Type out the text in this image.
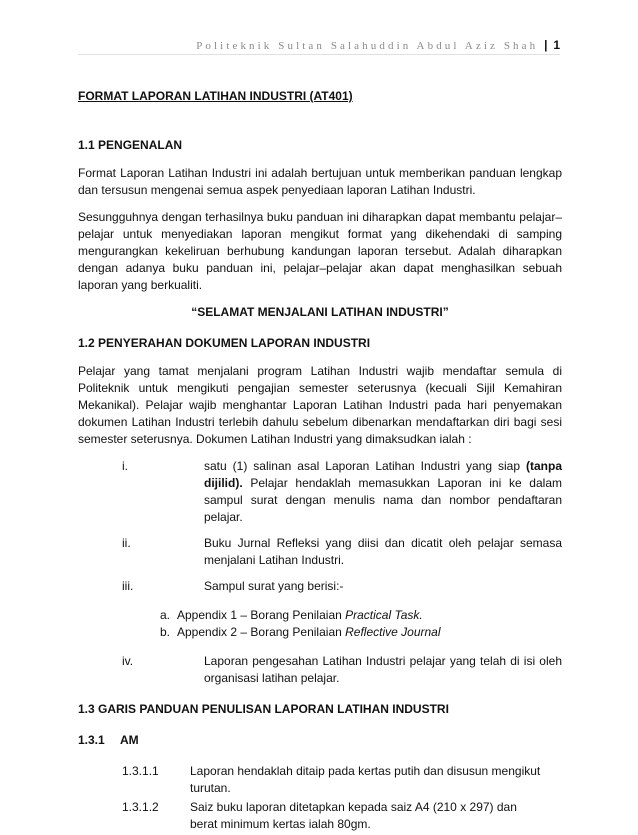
Politeknik Sultan Salahuddin Abdul Aziz Shah | 1
FORMAT LAPORAN LATIHAN INDUSTRI (AT401)
1.1 PENGENALAN

Format Laporan Latihan Industri ini adalah bertujuan untuk memberikan panduan lengkap dan tersusun mengenai semua aspek penyediaan laporan Latihan Industri.

Sesungguhnya dengan terhasilnya buku panduan ini diharapkan dapat membantu pelajar–pelajar untuk menyediakan laporan mengikut format yang dikehendaki di samping mengurangkan kekeliruan berhubung kandungan laporan tersebut. Adalah diharapkan dengan adanya buku panduan ini, pelajar–pelajar akan dapat menghasilkan sebuah laporan yang berkualiti.

“SELAMAT MENJALANI LATIHAN INDUSTRI”
1.2 PENYERAHAN DOKUMEN LAPORAN INDUSTRI

Pelajar yang tamat menjalani program Latihan Industri wajib mendaftar semula di Politeknik untuk mengikuti pengajian semester seterusnya (kecuali Sijil Kemahiran Mekanikal). Pelajar wajib menghantar Laporan Latihan Industri pada hari penyemakan dokumen Latihan Industri terlebih dahulu sebelum dibenarkan mendaftarkan diri bagi sesi semester seterusnya. Dokumen Latihan Industri yang dimaksudkan ialah :

i.	satu (1) salinan asal Laporan Latihan Industri yang siap (tanpa dijilid). Pelajar hendaklah memasukkan Laporan ini ke dalam sampul surat dengan menulis nama dan nombor pendaftaran pelajar.
ii.	Buku Jurnal Refleksi yang diisi dan dicatit oleh pelajar semasa menjalani Latihan Industri.
iii.	Sampul surat yang berisi:-
a. Appendix 1 – Borang Penilaian Practical Task.
b. Appendix 2 – Borang Penilaian Reflective Journal
iv.	Laporan pengesahan Latihan Industri pelajar yang telah di isi oleh organisasi latihan pelajar.
1.3 GARIS PANDUAN PENULISAN LAPORAN LATIHAN INDUSTRI
1.3.1	AM
1.3.1.1	Laporan hendaklah ditaip pada kertas putih dan disusun mengikut turutan.
1.3.1.2	Saiz buku laporan ditetapkan kepada saiz A4 (210 x 297) dan berat minimum kertas ialah 80gm.
